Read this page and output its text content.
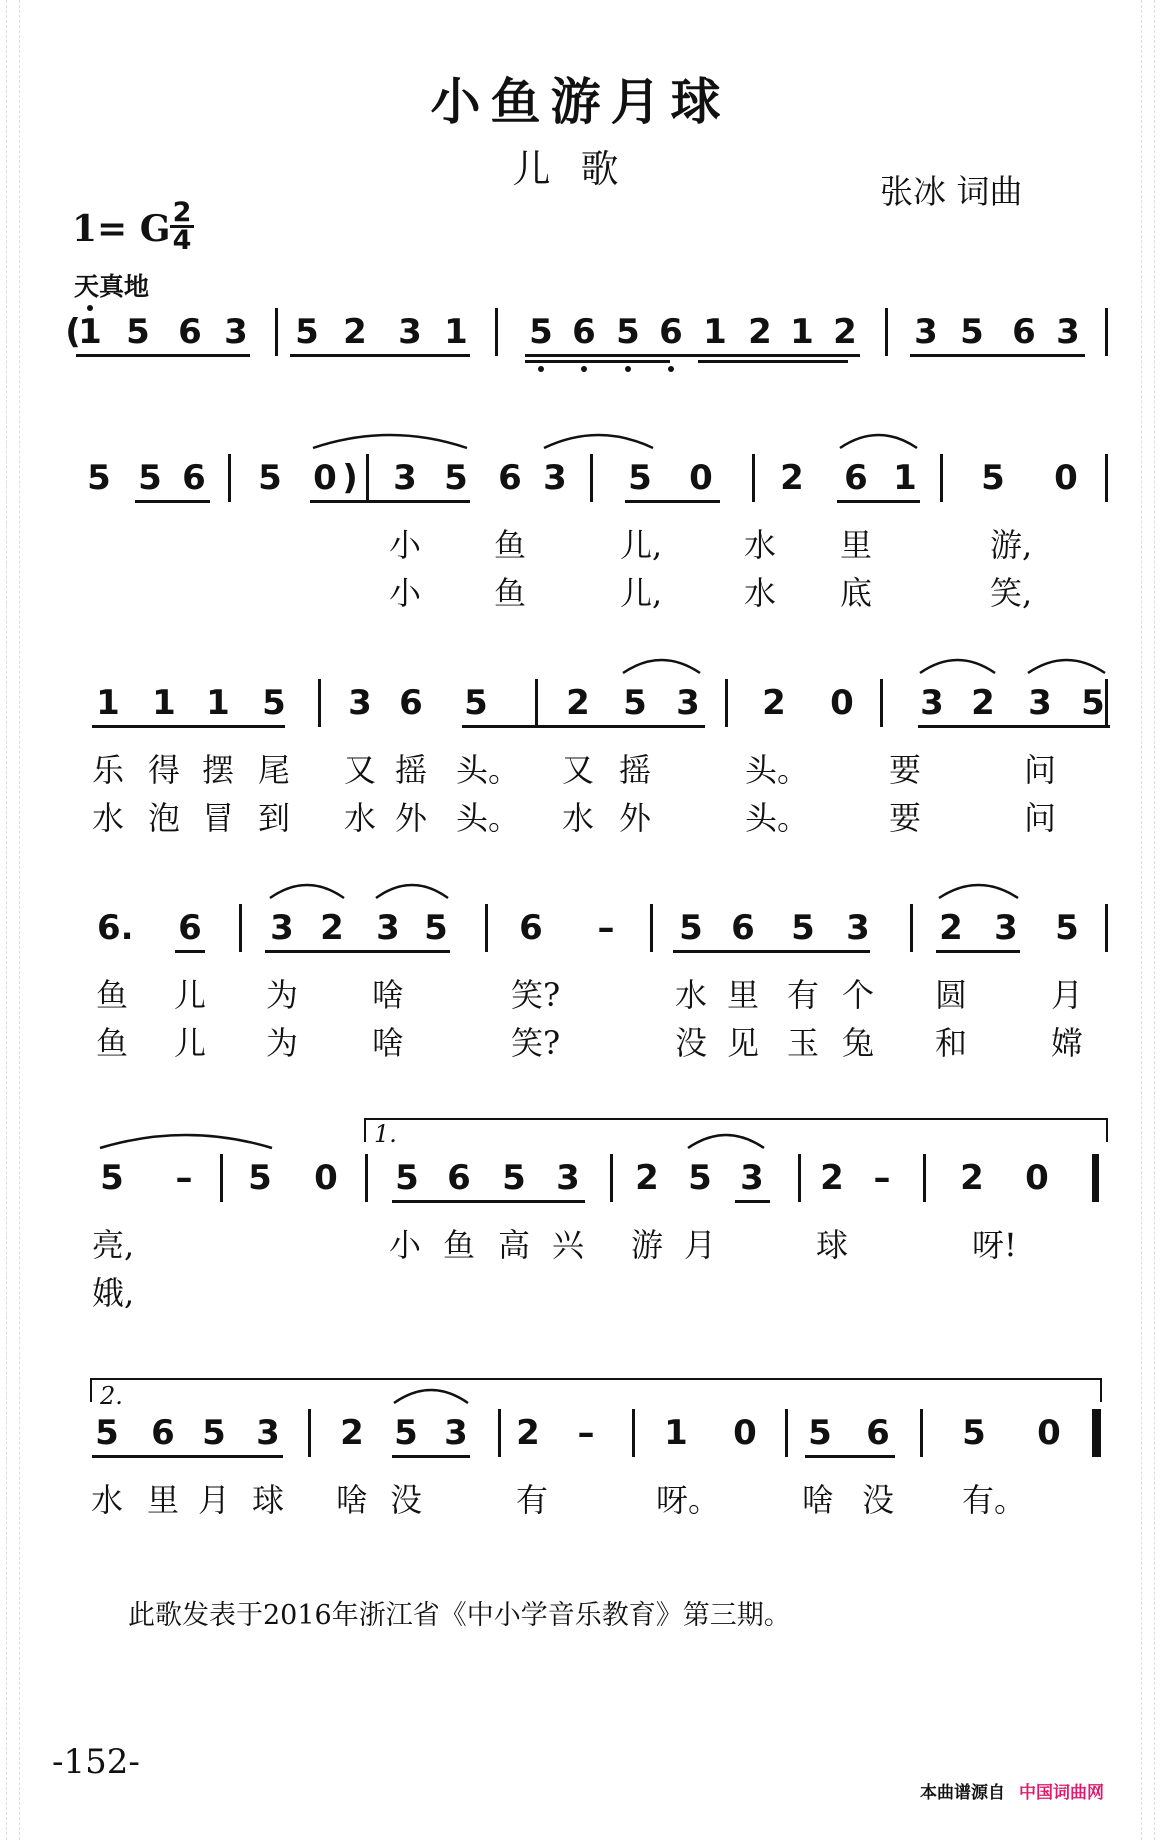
小鱼游月球
儿歌
张冰 词曲
1= G $\frac{2}{4}$
天真地
1 5 6 3 5 2 3 1 5 6 5 6 1 2 1 2 3 5 6 3
5 5 6 5 0 3 5 6 3 5 0 2 6 1 5 0
小 鱼	儿,	水 里	游,
小 鱼	儿,	水 底	笑,
1 1 1 5 3 6 5 2 5 3 2 0 3 2 3 5
乐 得 摆 尾 又 摇 头。 又 摇	头。 要	问
水 泡 冒 到 水 外 头。 水 外	头。 要	问
6. 6 3 2 3 5 6 – 5 6 5 3 2 3 5
鱼 儿 为 啥	笑?	水 里 有 个 圆	月
鱼 儿 为 啥	笑?	没 见 玉 兔 和	嫦
5 – 5 0 5 6 5 3 2 5 3 2 – 2 0
亮,	小 鱼 高 兴 游 月	球	呀!
娥,
5 6 5 3 2 5 3 2 – 1 0 5 6 5 0
水 里 月 球 啥 没	有	呀。	啥 没 有。
1.
2.
(
)
此歌发表于2016年浙江省《中小学音乐教育》第三期。
-152-
本曲谱源自 中国词曲网
